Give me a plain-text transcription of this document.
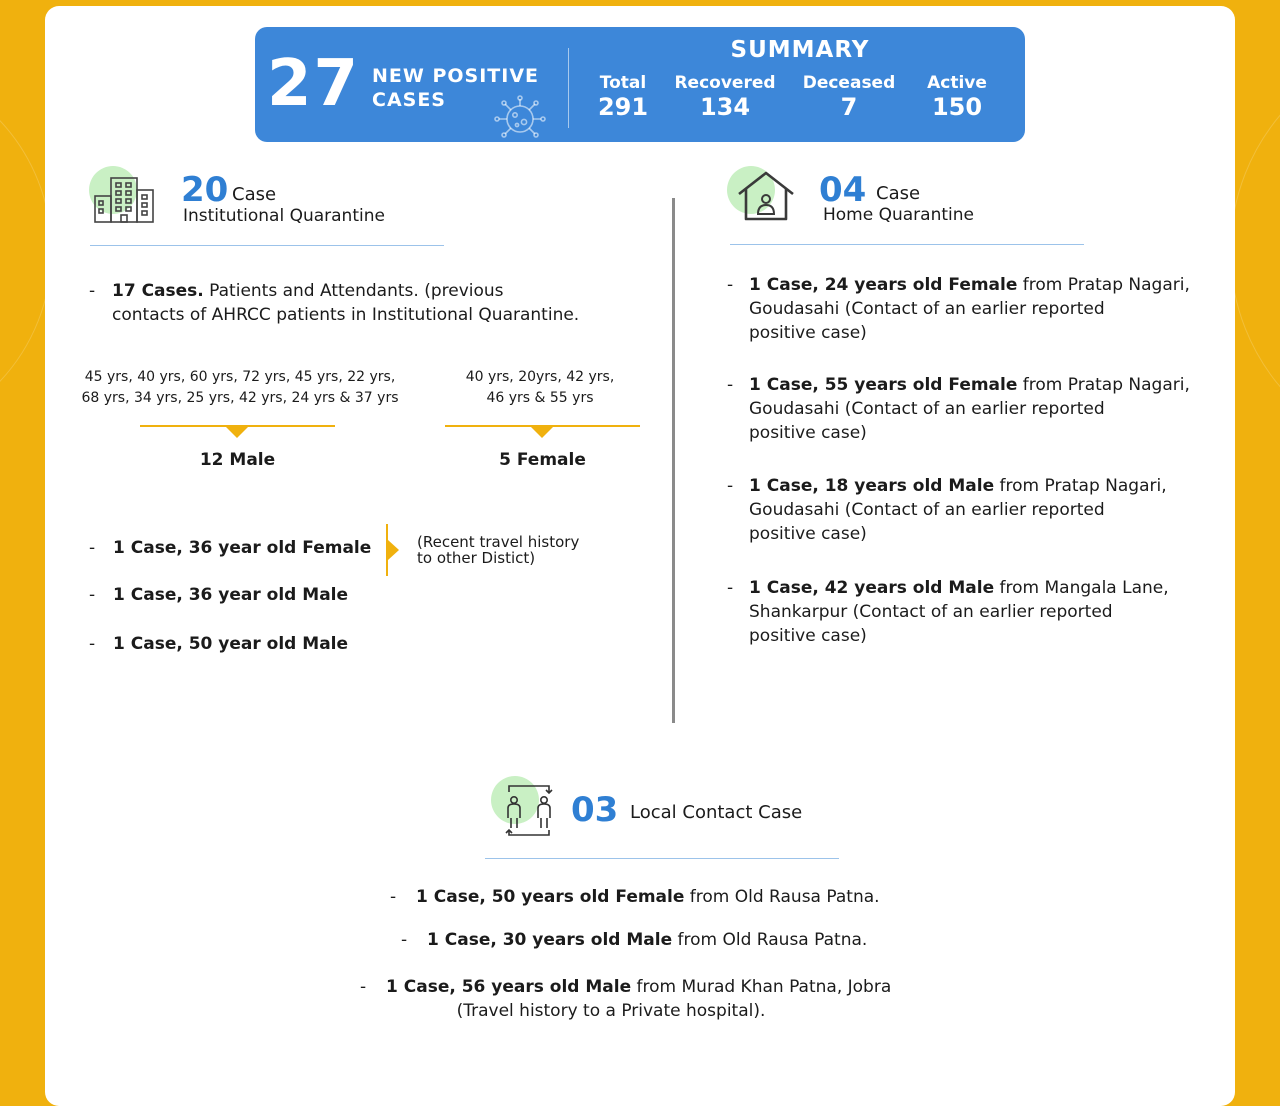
27 NEW POSITIVE
CASES
SUMMARY
Total
291
Recovered
134
Deceased
7
Active
150
20 Case
Institutional Quarantine
- 17 Cases. Patients and Attendants. (previous
contacts of AHRCC patients in Institutional Quarantine.
45 yrs, 40 yrs, 60 yrs, 72 yrs, 45 yrs, 22 yrs,
68 yrs, 34 yrs, 25 yrs, 42 yrs, 24 yrs & 37 yrs
12 Male
40 yrs, 20yrs, 42 yrs,
46 yrs & 55 yrs
5 Female
- 1 Case, 36 year old Female
- 1 Case, 36 year old Male
- 1 Case, 50 year old Male
(Recent travel history
to other Distict)
04 Case
Home Quarantine
- 1 Case, 24 years old Female from Pratap Nagari,
Goudasahi (Contact of an earlier reported
positive case)
- 1 Case, 55 years old Female from Pratap Nagari,
Goudasahi (Contact of an earlier reported
positive case)
- 1 Case, 18 years old Male from Pratap Nagari,
Goudasahi (Contact of an earlier reported
positive case)
- 1 Case, 42 years old Male from Mangala Lane,
Shankarpur (Contact of an earlier reported
positive case)
03 Local Contact Case
- 1 Case, 50 years old Female from Old Rausa Patna.
- 1 Case, 30 years old Male from Old Rausa Patna.
- 1 Case, 56 years old Male from Murad Khan Patna, Jobra
(Travel history to a Private hospital).
